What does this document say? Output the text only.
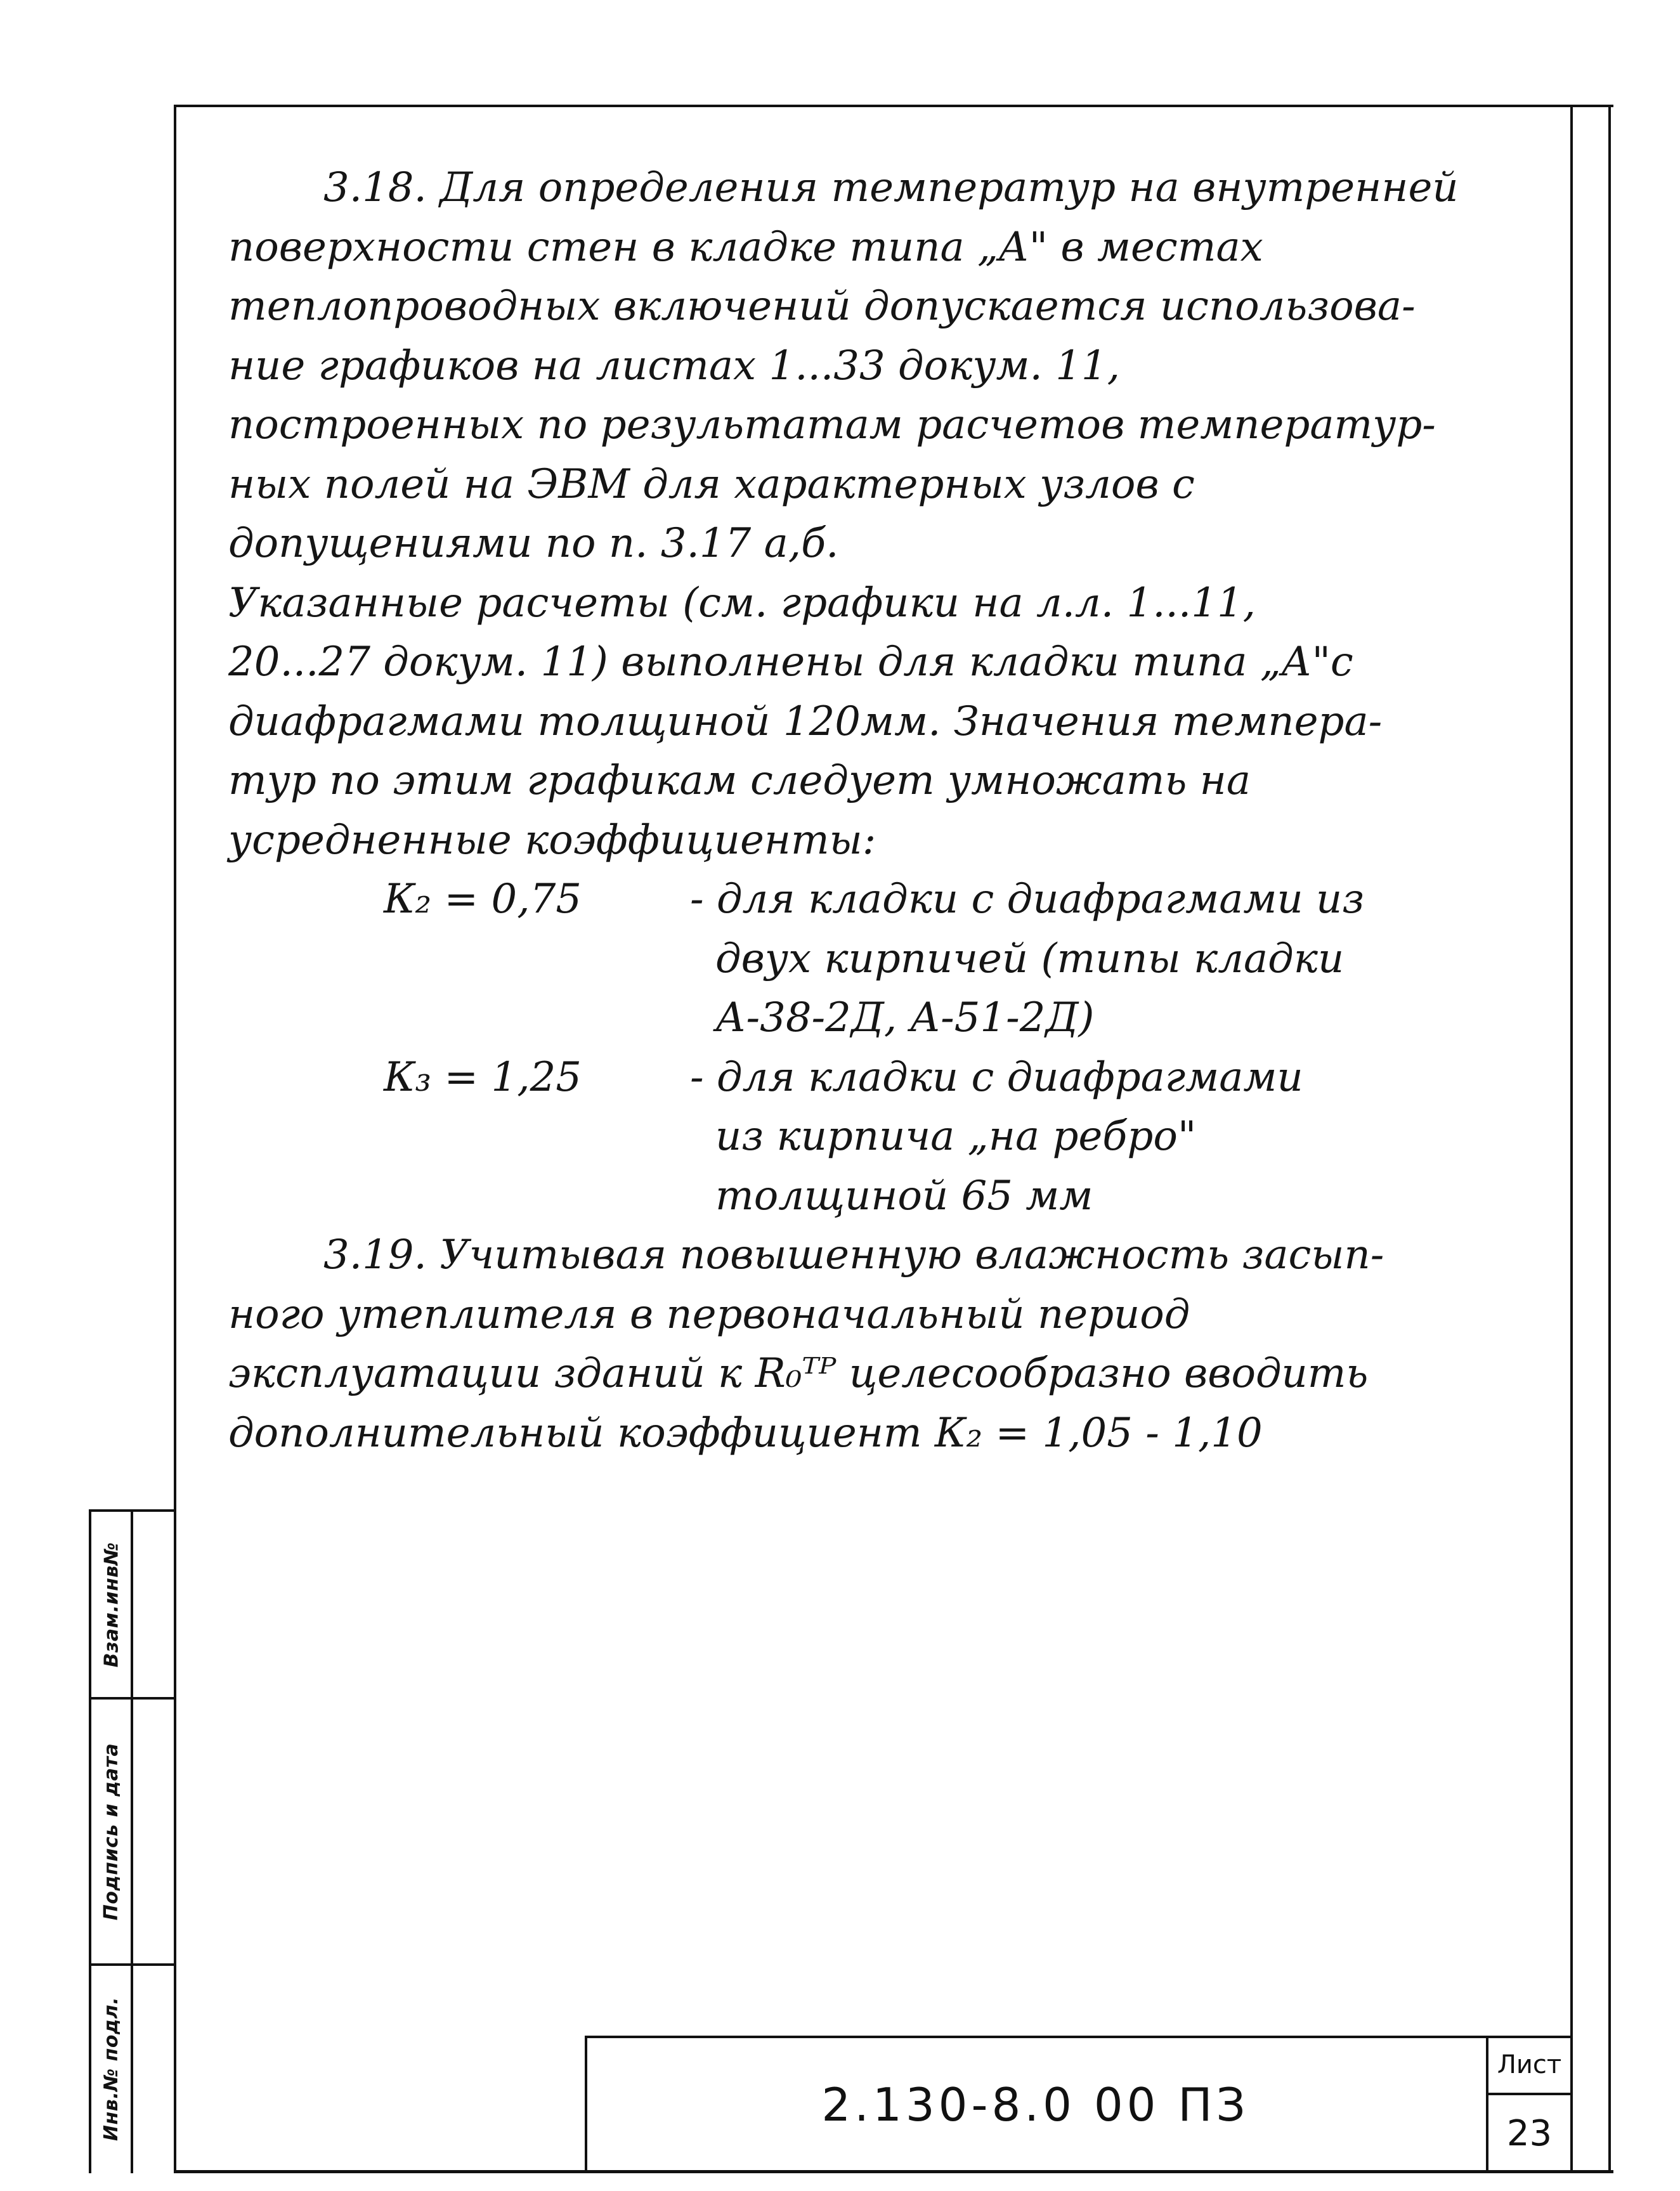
Взам.инв№
Подпись и дата
Инв.№ подл.
3.18. Для определения температур на внутренней
поверхности стен в кладке типа „А" в местах
теплопроводных включений допускается использова-
ние графиков на листах 1...33 докум. 11,
построенных по результатам расчетов температур-
ных полей на ЭВМ для характерных узлов с
допущениями по п. 3.17 а,б.
Указанные расчеты (см. графики на л.л. 1...11,
20...27 докум. 11) выполнены для кладки типа „А"с
диафрагмами толщиной 120мм. Значения темпера-
тур по этим графикам следует умножать на
усредненные коэффициенты:
К₂ = 0,75	- для кладки с диафрагмами из
двух кирпичей (типы кладки
А-38-2Д, А-51-2Д)
К₃ = 1,25	- для кладки с диафрагмами
из кирпича „на ребро"
толщиной 65 мм
3.19. Учитывая повышенную влажность засып-
ного утеплителя в первоначальный период
эксплуатации зданий к R₀ᵀᴾ целесообразно вводить
дополнительный коэффициент К₂ = 1,05 - 1,10
2.130-8.0 00 ПЗ
Лист
23
